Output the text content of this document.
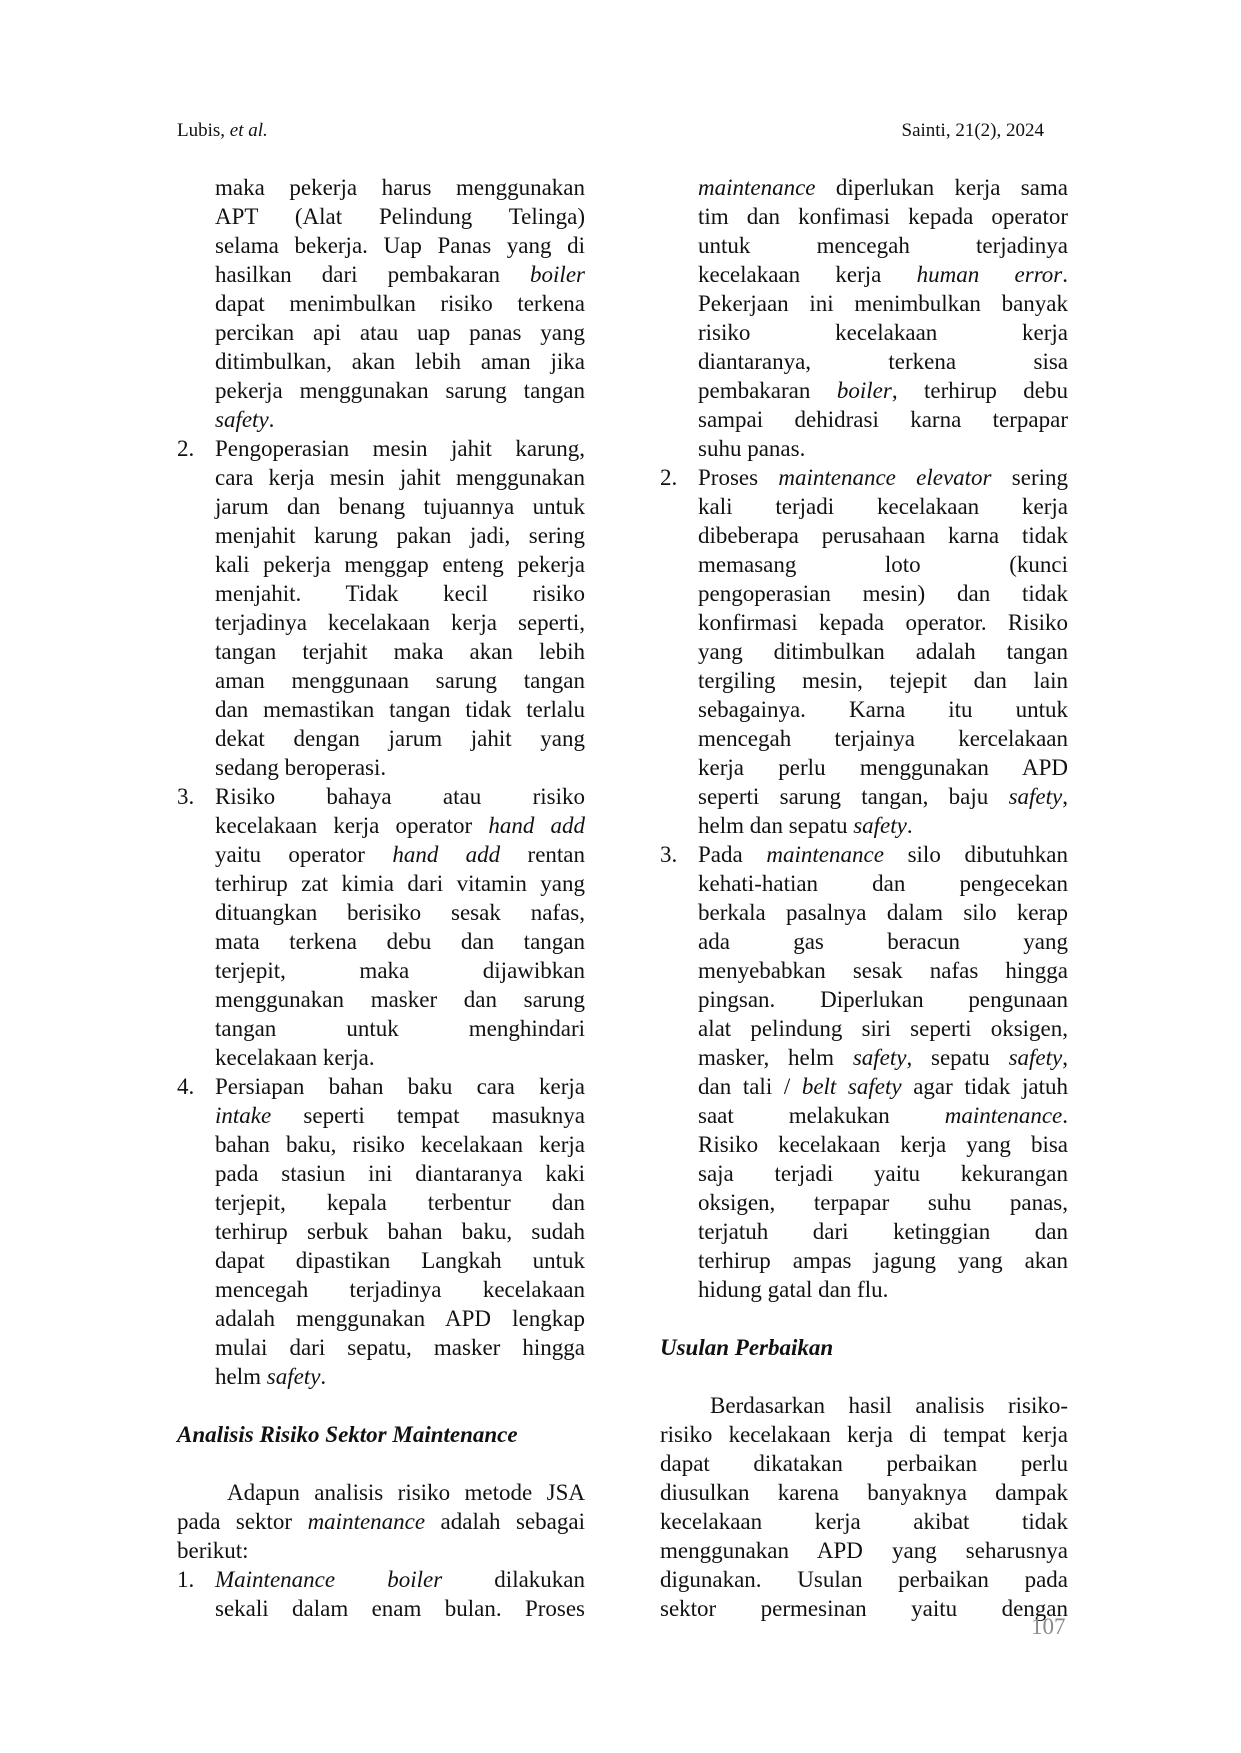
Lubis, et al.	Sainti, 21(2), 2024
maka pekerja harus menggunakan
APT (Alat Pelindung Telinga)
selama bekerja. Uap Panas yang di
hasilkan dari pembakaran boiler
dapat menimbulkan risiko terkena
percikan api atau uap panas yang
ditimbulkan, akan lebih aman jika
pekerja menggunakan sarung tangan
safety.
2. Pengoperasian mesin jahit karung,
cara kerja mesin jahit menggunakan
jarum dan benang tujuannya untuk
menjahit karung pakan jadi, sering
kali pekerja menggap enteng pekerja
menjahit. Tidak kecil risiko
terjadinya kecelakaan kerja seperti,
tangan terjahit maka akan lebih
aman menggunaan sarung tangan
dan memastikan tangan tidak terlalu
dekat dengan jarum jahit yang
sedang beroperasi.
3. Risiko bahaya atau risiko
kecelakaan kerja operator hand add
yaitu operator hand add rentan
terhirup zat kimia dari vitamin yang
dituangkan berisiko sesak nafas,
mata terkena debu dan tangan
terjepit, maka dijawibkan
menggunakan masker dan sarung
tangan untuk menghindari
kecelakaan kerja.
4. Persiapan bahan baku cara kerja
intake seperti tempat masuknya
bahan baku, risiko kecelakaan kerja
pada stasiun ini diantaranya kaki
terjepit, kepala terbentur dan
terhirup serbuk bahan baku, sudah
dapat dipastikan Langkah untuk
mencegah terjadinya kecelakaan
adalah menggunakan APD lengkap
mulai dari sepatu, masker hingga
helm safety.
Analisis Risiko Sektor Maintenance
Adapun analisis risiko metode JSA
pada sektor maintenance adalah sebagai
berikut:
1. Maintenance boiler dilakukan
sekali dalam enam bulan. Proses
maintenance diperlukan kerja sama
tim dan konfimasi kepada operator
untuk mencegah terjadinya
kecelakaan kerja human error.
Pekerjaan ini menimbulkan banyak
risiko kecelakaan kerja
diantaranya, terkena sisa
pembakaran boiler, terhirup debu
sampai dehidrasi karna terpapar
suhu panas.
2. Proses maintenance elevator sering
kali terjadi kecelakaan kerja
dibeberapa perusahaan karna tidak
memasang loto (kunci
pengoperasian mesin) dan tidak
konfirmasi kepada operator. Risiko
yang ditimbulkan adalah tangan
tergiling mesin, tejepit dan lain
sebagainya. Karna itu untuk
mencegah terjainya kercelakaan
kerja perlu menggunakan APD
seperti sarung tangan, baju safety,
helm dan sepatu safety.
3. Pada maintenance silo dibutuhkan
kehati-hatian dan pengecekan
berkala pasalnya dalam silo kerap
ada gas beracun yang
menyebabkan sesak nafas hingga
pingsan. Diperlukan pengunaan
alat pelindung siri seperti oksigen,
masker, helm safety, sepatu safety,
dan tali / belt safety agar tidak jatuh
saat melakukan maintenance.
Risiko kecelakaan kerja yang bisa
saja terjadi yaitu kekurangan
oksigen, terpapar suhu panas,
terjatuh dari ketinggian dan
terhirup ampas jagung yang akan
hidung gatal dan flu.
Usulan Perbaikan
Berdasarkan hasil analisis risiko-
risiko kecelakaan kerja di tempat kerja
dapat dikatakan perbaikan perlu
diusulkan karena banyaknya dampak
kecelakaan kerja akibat tidak
menggunakan APD yang seharusnya
digunakan. Usulan perbaikan pada
sektor permesinan yaitu dengan
107
